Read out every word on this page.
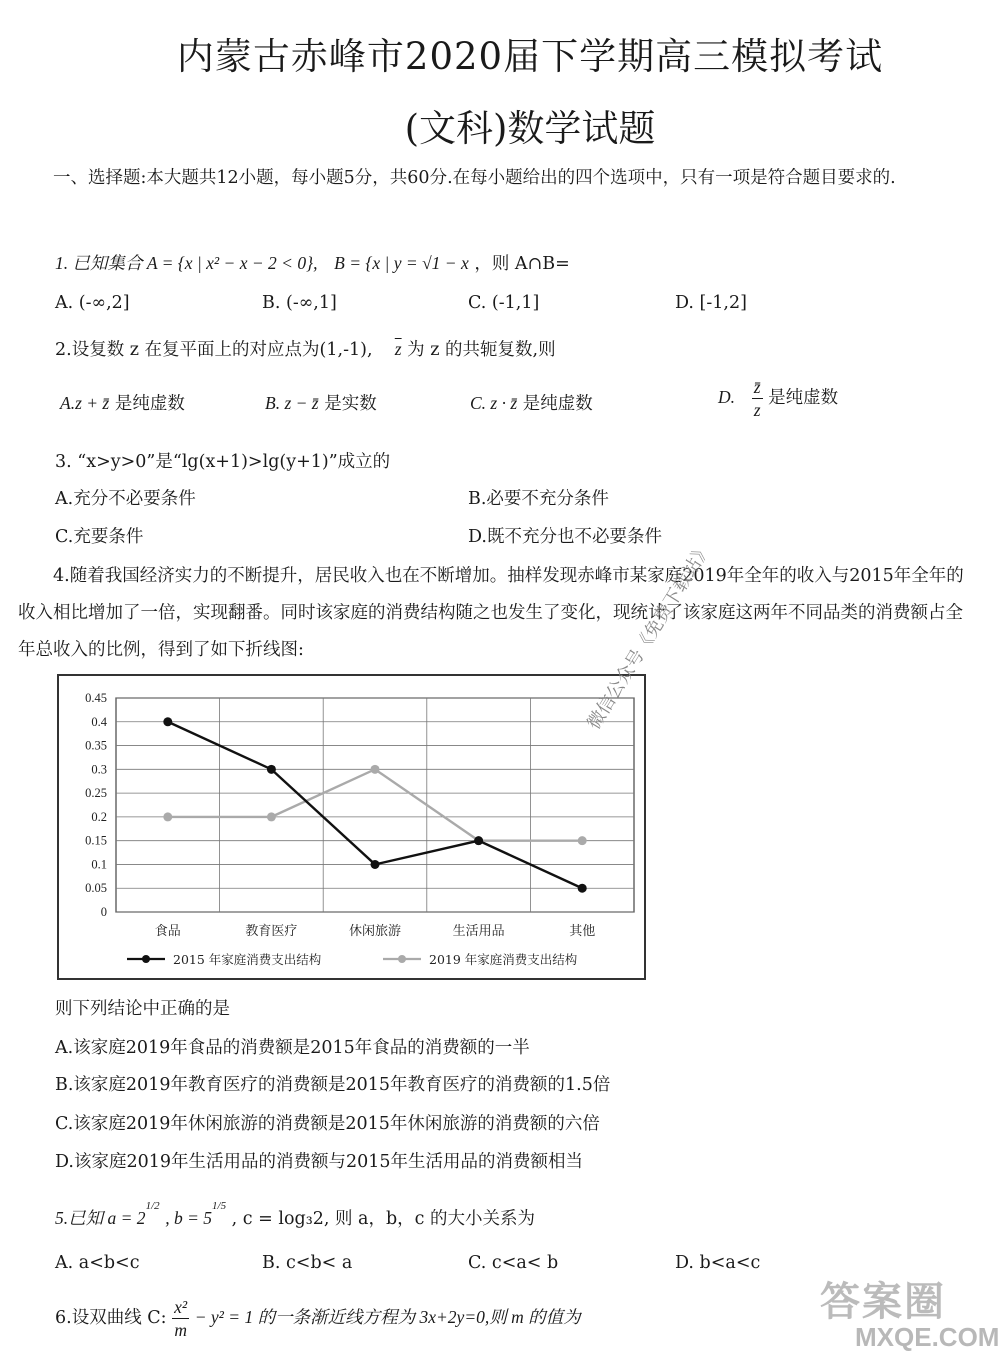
内蒙古赤峰市2020届下学期高三模拟考试
(文科)数学试题
一、选择题:本大题共12小题，每小题5分，共60分.在每小题给出的四个选项中，只有一项是符合题目要求的.
1. 已知集合 A = {x | x² − x − 2 < 0}, B = {x | y = √1 − x ，则 A∩B=
A. (-∞,2]	B. (-∞,1]	C. (-1,1]	D. [-1,2]
2.设复数 z 在复平面上的对应点为(1,-1), $\overline{z}$ 为 z 的共轭复数,则
A.z + z̄ 是纯虚数	B. z − z̄ 是实数	C. z · z̄ 是纯虚数	D. $\frac{z̄}{z}$ 是纯虚数
3. “x>y>0”是“lg(x+1)>lg(y+1)”成立的
A.充分不必要条件	B.必要不充分条件
C.充要条件	D.既不充分也不必要条件
4.随着我国经济实力的不断提升，居民收入也在不断增加。抽样发现赤峰市某家庭2019年全年的收入与2015年全年的收入相比增加了一倍，实现翻番。同时该家庭的消费结构随之也发生了变化，现统计了该家庭这两年不同品类的消费额占全年总收入的比例，得到了如下折线图:
0.45
0.4
0.35
0.3
0.25
0.2
0.15
0.1
0.05
0
食品	教育医疗	休闲旅游	生活用品	其他
2015 年家庭消费支出结构	2019 年家庭消费支出结构
则下列结论中正确的是
A.该家庭2019年食品的消费额是2015年食品的消费额的一半
B.该家庭2019年教育医疗的消费额是2015年教育医疗的消费额的1.5倍
C.该家庭2019年休闲旅游的消费额是2015年休闲旅游的消费额的六倍
D.该家庭2019年生活用品的消费额与2015年生活用品的消费额相当
5.已知 $a = 2^{1/2}$ , $b = 5^{1/5}$ , c = log₃2, 则 a，b，c 的大小关系为
A. a<b<c	B. c<b< a	C. c<a< b	D. b<a<c
6.设双曲线 C: $\frac{\text{x²}}{m} - y^2 = 1$ 的一条渐近线方程为 3x+2y=0,则 m 的值为
微信公众号《免费下载站》
答案圈
MXQE.COM
